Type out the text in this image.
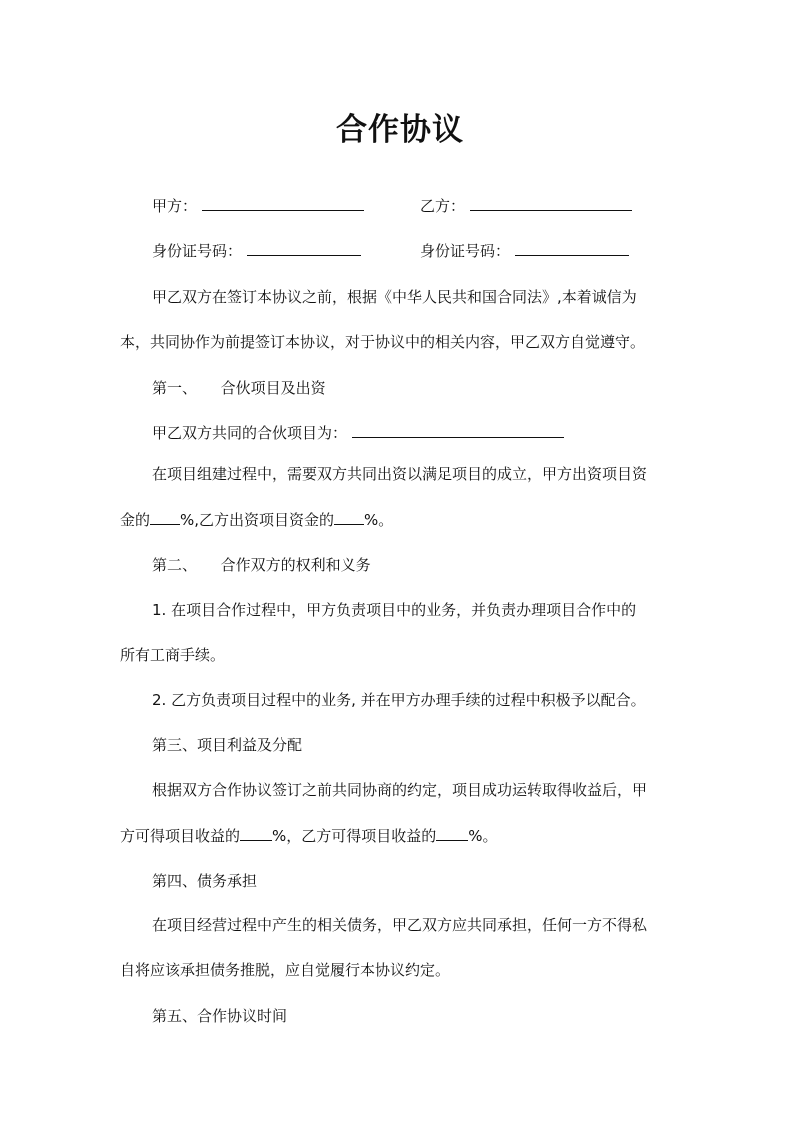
合作协议
甲方：	乙方：
身份证号码：	身份证号码：
甲乙双方在签订本协议之前，根据《中华人民共和国合同法》,本着诚信为
本，共同协作为前提签订本协议，对于协议中的相关内容，甲乙双方自觉遵守。
第一、 合伙项目及出资
甲乙双方共同的合伙项目为：
在项目组建过程中，需要双方共同出资以满足项目的成立，甲方出资项目资
金的 %,乙方出资项目资金的 %。
第二、 合作双方的权利和义务
1. 在项目合作过程中，甲方负责项目中的业务，并负责办理项目合作中的
所有工商手续。
2. 乙方负责项目过程中的业务, 并在甲方办理手续的过程中积极予以配合。
第三、项目利益及分配
根据双方合作协议签订之前共同协商的约定，项目成功运转取得收益后，甲
方可得项目收益的 %，乙方可得项目收益的 %。
第四、债务承担
在项目经营过程中产生的相关债务，甲乙双方应共同承担，任何一方不得私
自将应该承担债务推脱，应自觉履行本协议约定。
第五、合作协议时间
